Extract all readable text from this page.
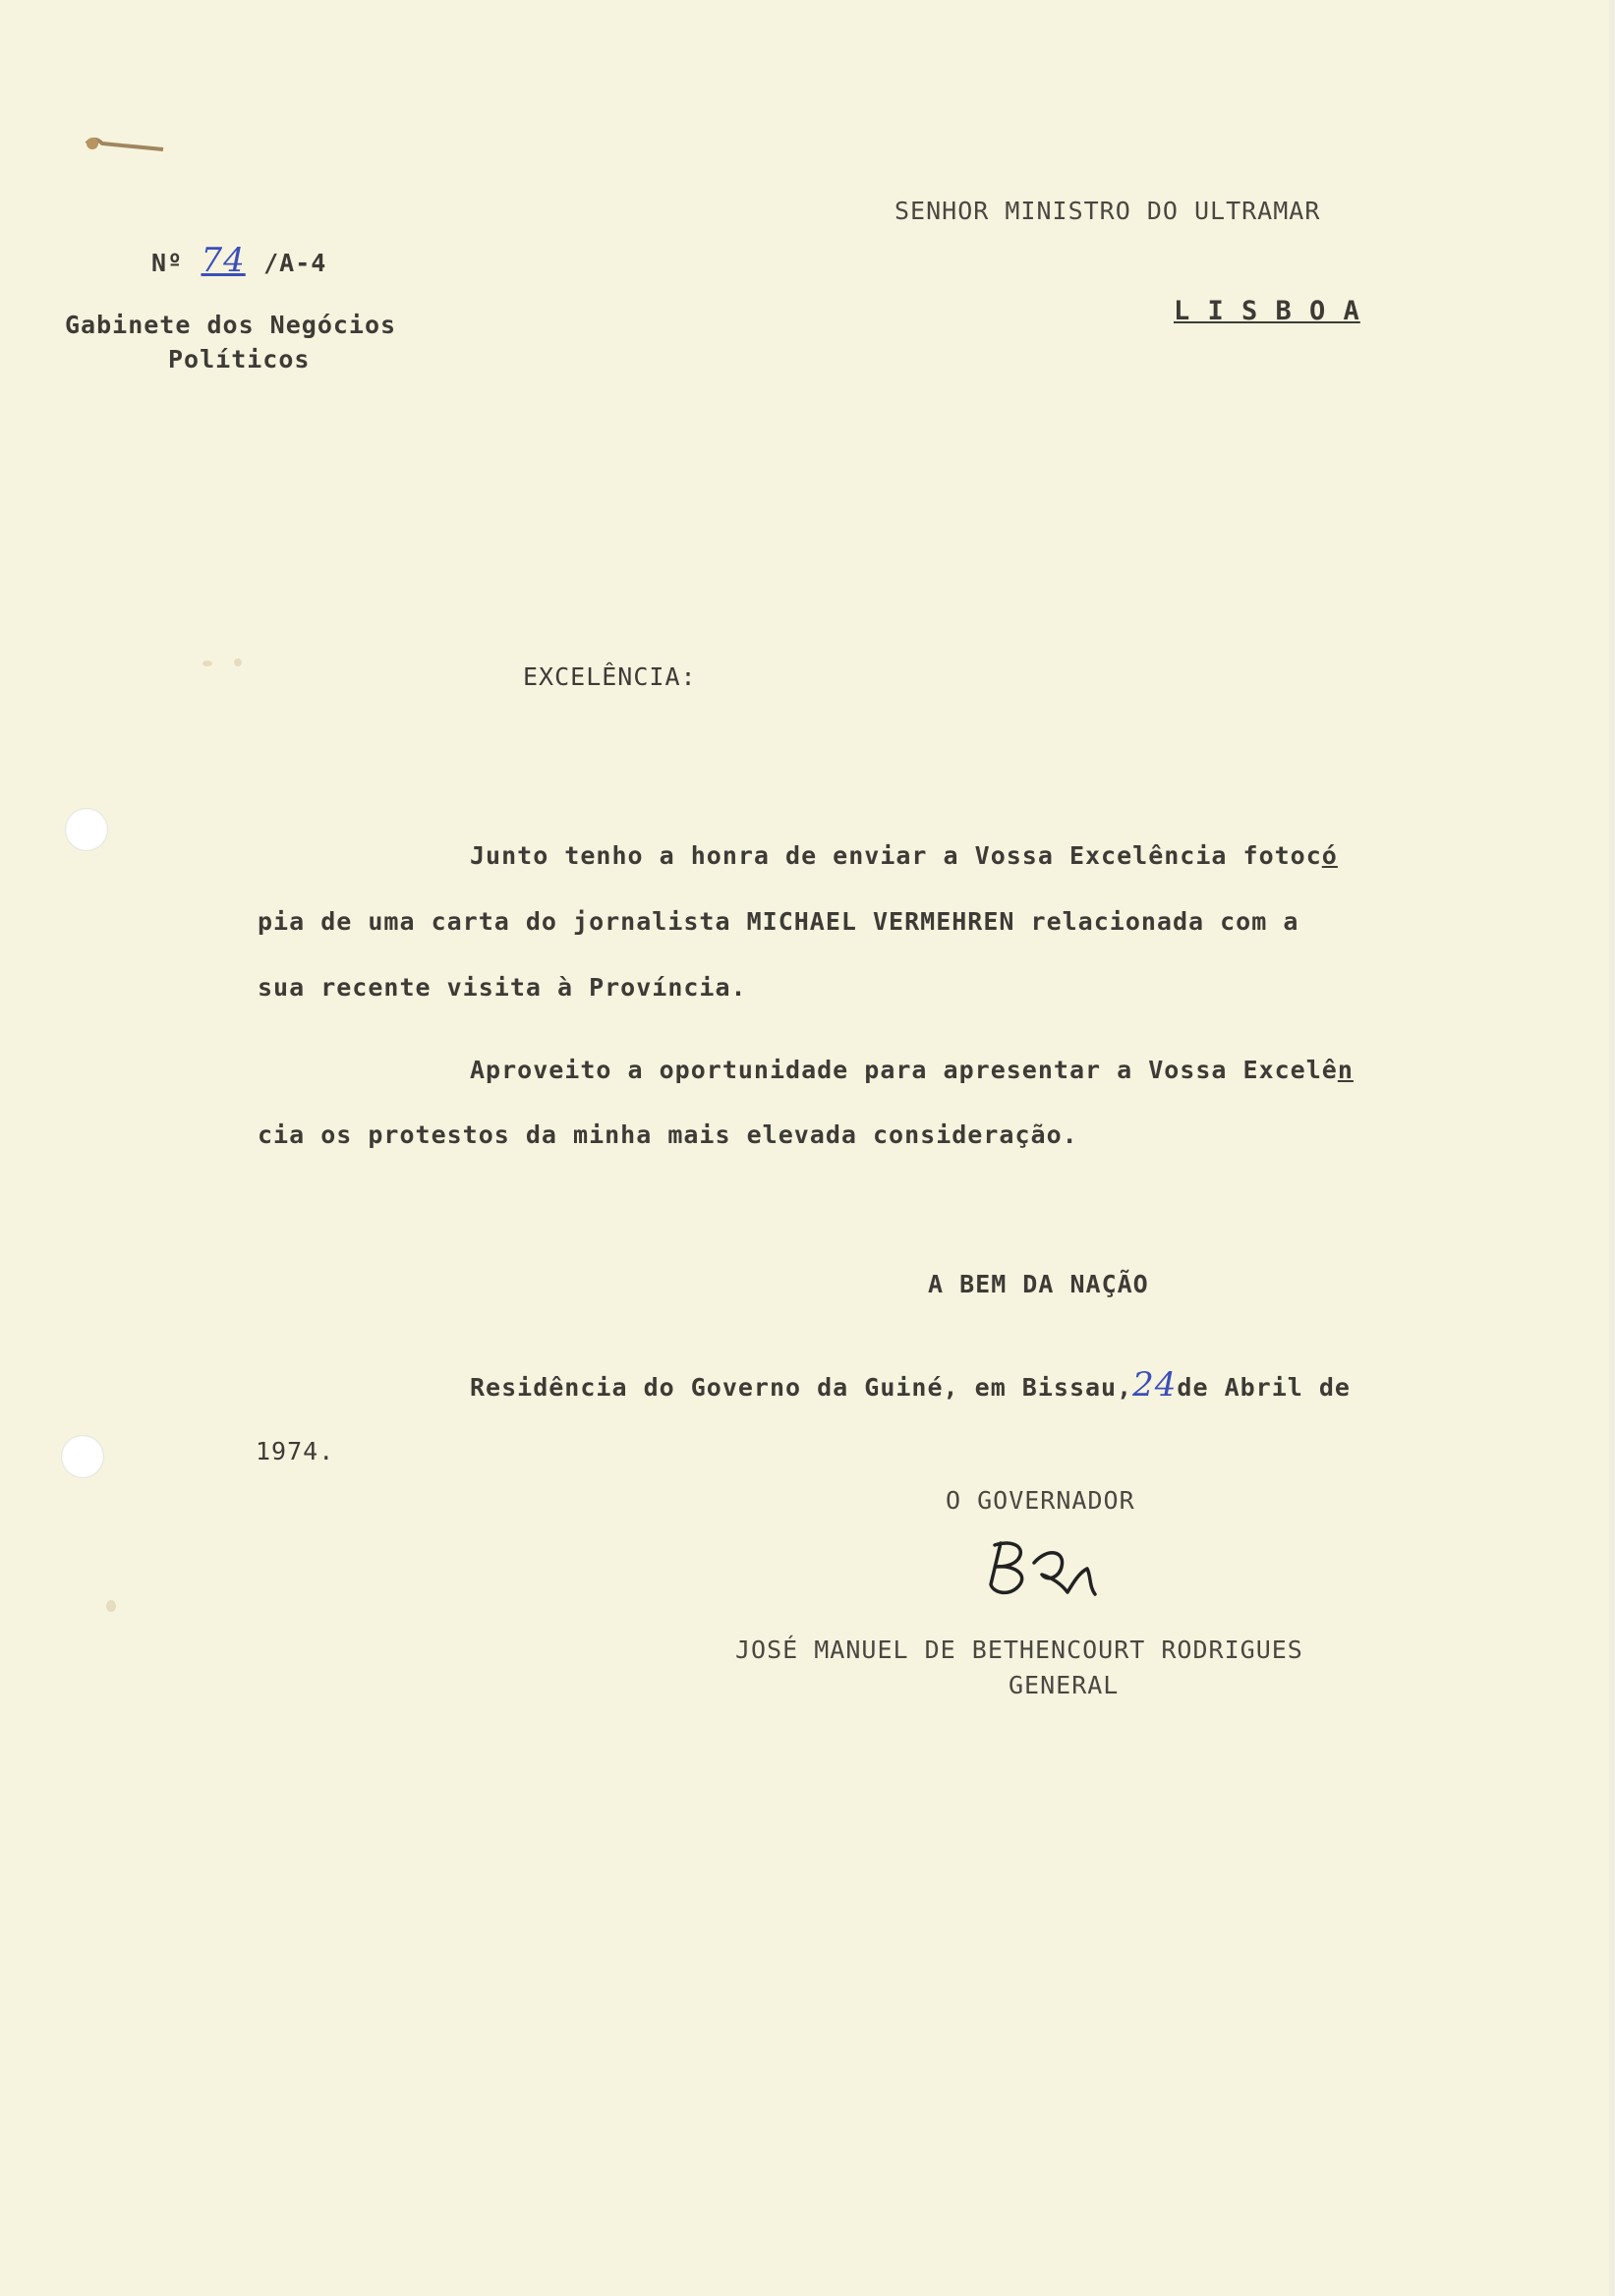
Nº 74 /A-4
Gabinete dos Negócios
Políticos
SENHOR MINISTRO DO ULTRAMAR
L I S B O A
EXCELÊNCIA:
Junto tenho a honra de enviar a Vossa Excelência fotocó
pia de uma carta do jornalista MICHAEL VERMEHREN relacionada com a
sua recente visita à Província.
Aproveito a oportunidade para apresentar a Vossa Excelên
cia os protestos da minha mais elevada consideração.
A BEM DA NAÇÃO
Residência do Governo da Guiné, em Bissau,24de Abril de
1974.
O GOVERNADOR
JOSÉ MANUEL DE BETHENCOURT RODRIGUES
GENERAL
